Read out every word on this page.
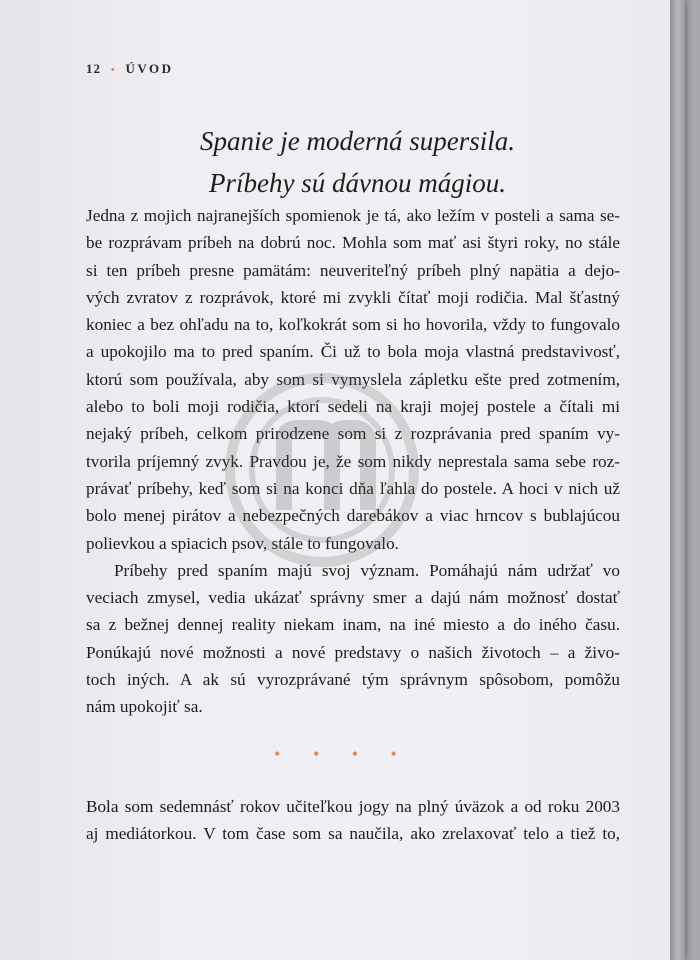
12 • ÚVOD
Spanie je moderná supersila.
Príbehy sú dávnou mágiou.
Jedna z mojich najranejších spomienok je tá, ako ležím v posteli a sama se-
be rozprávam príbeh na dobrú noc. Mohla som mať asi štyri roky, no stále
si ten príbeh presne pamätám: neuveriteľný príbeh plný napätia a dejo-
vých zvratov z rozprávok, ktoré mi zvykli čítať moji rodičia. Mal šťastný
koniec a bez ohľadu na to, koľkokrát som si ho hovorila, vždy to fungovalo
a upokojilo ma to pred spaním. Či už to bola moja vlastná predstavivosť,
ktorú som používala, aby som si vymyslela zápletku ešte pred zotmením,
alebo to boli moji rodičia, ktorí sedeli na kraji mojej postele a čítali mi
nejaký príbeh, celkom prirodzene som si z rozprávania pred spaním vy-
tvorila príjemný zvyk. Pravdou je, že som nikdy neprestala sama sebe roz-
právať príbehy, keď som si na konci dňa ľahla do postele. A hoci v nich už
bolo menej pirátov a nebezpečných darebákov a viac hrncov s bublajúcou
polievkou a spiacich psov, stále to fungovalo.
Príbehy pred spaním majú svoj význam. Pomáhajú nám udržať vo
veciach zmysel, vedia ukázať správny smer a dajú nám možnosť dostať
sa z bežnej dennej reality niekam inam, na iné miesto a do iného času.
Ponúkajú nové možnosti a nové predstavy o našich životoch – a živo-
toch iných. A ak sú vyrozprávané tým správnym spôsobom, pomôžu
nám upokojiť sa.
• • • •
Bola som sedemnásť rokov učiteľkou jogy na plný úväzok a od roku 2003
aj mediátorkou. V tom čase som sa naučila, ako zrelaxovať telo a tiež to,
